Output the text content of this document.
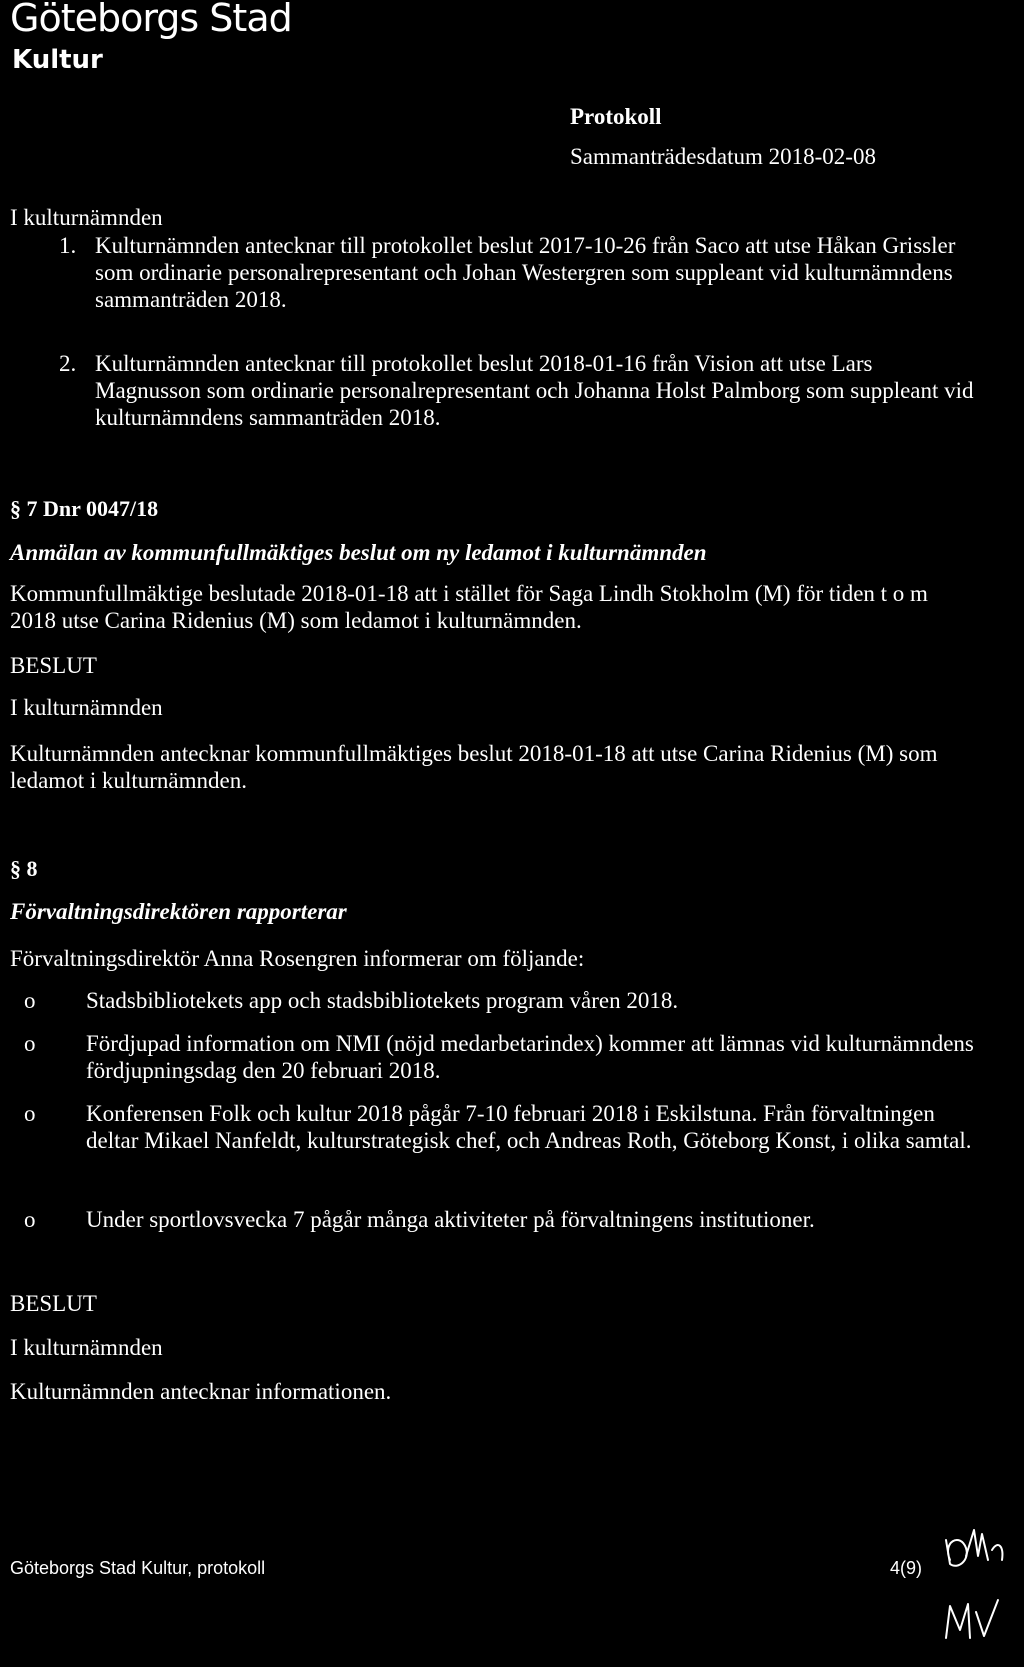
Göteborgs Stad
Kultur
Protokoll
Sammanträdesdatum 2018-02-08
I kulturnämnden
1. Kulturnämnden antecknar till protokollet beslut 2017-10-26 från Saco att utse Håkan Grissler som ordinarie personalrepresentant och Johan Westergren som suppleant vid kulturnämndens sammanträden 2018.
2. Kulturnämnden antecknar till protokollet beslut 2018-01-16 från Vision att utse Lars Magnusson som ordinarie personalrepresentant och Johanna Holst Palmborg som suppleant vid kulturnämndens sammanträden 2018.
§ 7 Dnr 0047/18
Anmälan av kommunfullmäktiges beslut om ny ledamot i kulturnämnden
Kommunfullmäktige beslutade 2018-01-18 att i stället för Saga Lindh Stokholm (M) för tiden t o m 2018 utse Carina Ridenius (M) som ledamot i kulturnämnden.
BESLUT
I kulturnämnden
Kulturnämnden antecknar kommunfullmäktiges beslut 2018-01-18 att utse Carina Ridenius (M) som ledamot i kulturnämnden.
§ 8
Förvaltningsdirektören rapporterar
Förvaltningsdirektör Anna Rosengren informerar om följande:
o Stadsbibliotekets app och stadsbibliotekets program våren 2018.
o Fördjupad information om NMI (nöjd medarbetarindex) kommer att lämnas vid kulturnämndens fördjupningsdag den 20 februari 2018.
o Konferensen Folk och kultur 2018 pågår 7-10 februari 2018 i Eskilstuna. Från förvaltningen deltar Mikael Nanfeldt, kulturstrategisk chef, och Andreas Roth, Göteborg Konst, i olika samtal.
o Under sportlovsvecka 7 pågår många aktiviteter på förvaltningens institutioner.
BESLUT
I kulturnämnden
Kulturnämnden antecknar informationen.
Göteborgs Stad Kultur, protokoll	4(9)
